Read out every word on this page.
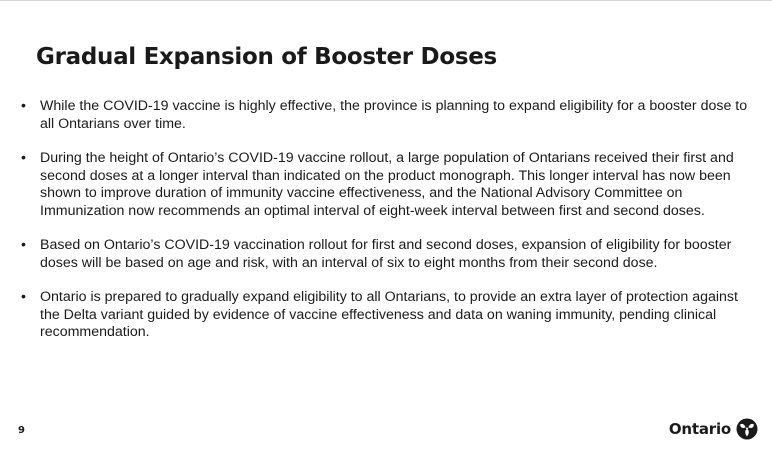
Gradual Expansion of Booster Doses
• While the COVID-19 vaccine is highly effective, the province is planning to expand eligibility for a booster dose to all Ontarians over time.
• During the height of Ontario’s COVID-19 vaccine rollout, a large population of Ontarians received their first and second doses at a longer interval than indicated on the product monograph. This longer interval has now been shown to improve duration of immunity vaccine effectiveness, and the National Advisory Committee on Immunization now recommends an optimal interval of eight-week interval between first and second doses.
• Based on Ontario’s COVID-19 vaccination rollout for first and second doses, expansion of eligibility for booster doses will be based on age and risk, with an interval of six to eight months from their second dose.
• Ontario is prepared to gradually expand eligibility to all Ontarians, to provide an extra layer of protection against the Delta variant guided by evidence of vaccine effectiveness and data on waning immunity, pending clinical recommendation.
9	Ontario
